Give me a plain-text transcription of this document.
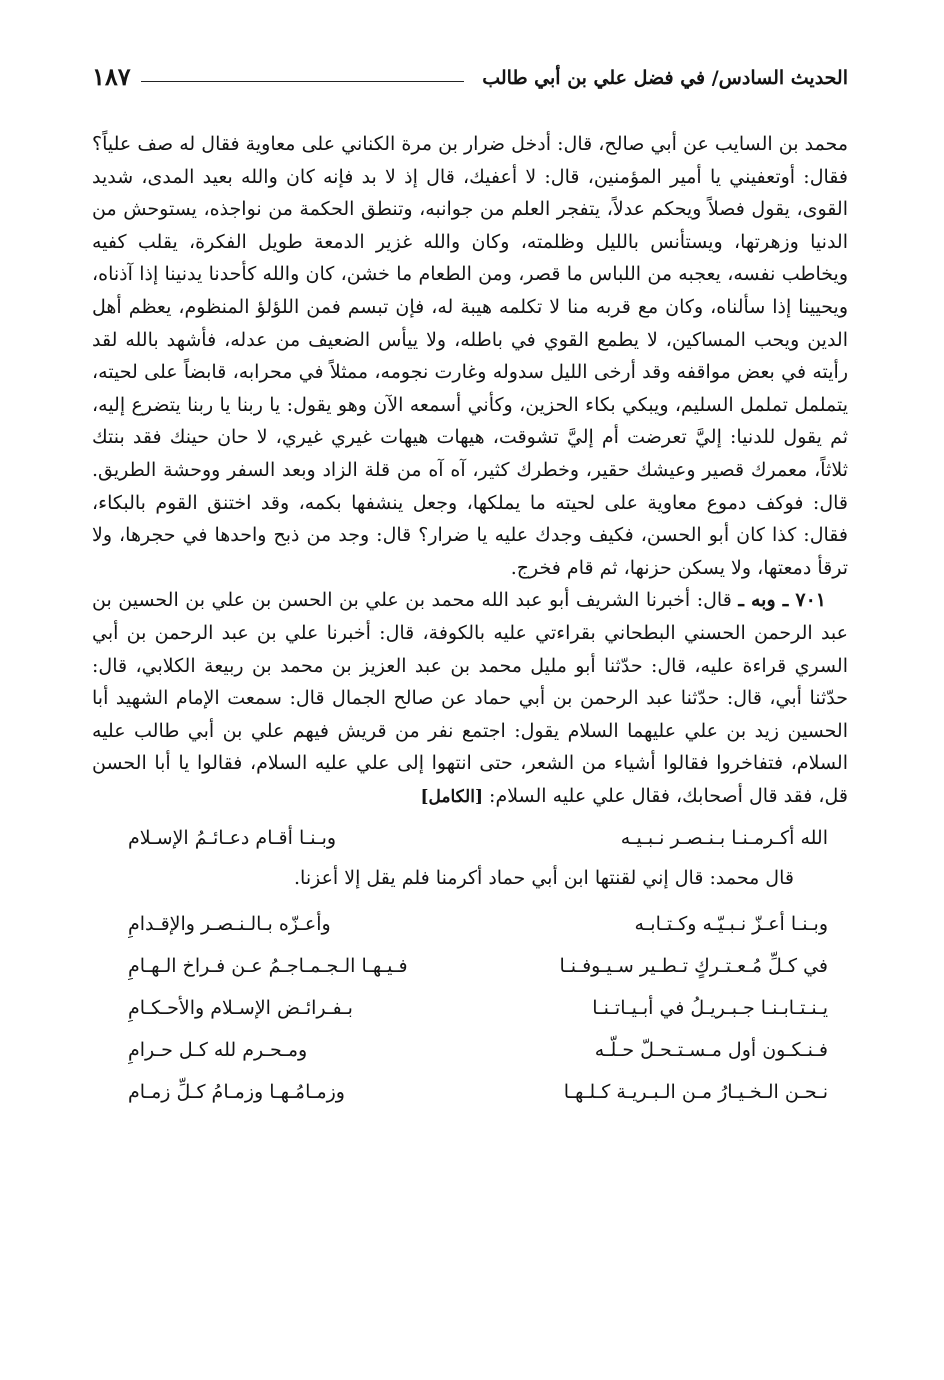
الحديث السادس/ في فضل علي بن أبي طالب
١٨٧

محمد بن السايب عن أبي صالح، قال: أدخل ضرار بن مرة الكناني على معاوية فقال له صف علياً؟ فقال: أوتعفيني يا أمير المؤمنين، قال: لا أعفيك، قال إذ لا بد فإنه كان والله بعيد المدى، شديد القوى، يقول فصلاً ويحكم عدلاً، يتفجر العلم من جوانبه، وتنطق الحكمة من نواجذه، يستوحش من الدنيا وزهرتها، ويستأنس بالليل وظلمته، وكان والله غزير الدمعة طويل الفكرة، يقلب كفيه ويخاطب نفسه، يعجبه من اللباس ما قصر، ومن الطعام ما خشن، كان والله كأحدنا يدنينا إذا آذناه، ويحيينا إذا سألناه، وكان مع قربه منا لا تكلمه هيبة له، فإن تبسم فمن اللؤلؤ المنظوم، يعظم أهل الدين ويحب المساكين، لا يطمع القوي في باطله، ولا ييأس الضعيف من عدله، فأشهد بالله لقد رأيته في بعض مواقفه وقد أرخى الليل سدوله وغارت نجومه، ممثلاً في محرابه، قابضاً على لحيته، يتململ تململ السليم، ويبكي بكاء الحزين، وكأني أسمعه الآن وهو يقول: يا ربنا يا ربنا يتضرع إليه، ثم يقول للدنيا: إليَّ تعرضت أم إليَّ تشوقت، هيهات هيهات غيري غيري، لا حان حينك فقد بنتك ثلاثاً، معمرك قصير وعيشك حقير، وخطرك كثير، آه آه من قلة الزاد وبعد السفر ووحشة الطريق. قال: فوكف دموع معاوية على لحيته ما يملكها، وجعل ينشفها بكمه، وقد اختنق القوم بالبكاء، فقال: كذا كان أبو الحسن، فكيف وجدك عليه يا ضرار؟ قال: وجد من ذبح واحدها في حجرها، ولا ترقأ دمعتها، ولا يسكن حزنها، ثم قام فخرج.

٧٠١ ـ وبه ـ قال: أخبرنا الشريف أبو عبد الله محمد بن علي بن الحسن بن علي بن الحسين بن عبد الرحمن الحسني البطحاني بقراءتي عليه بالكوفة، قال: أخبرنا علي بن عبد الرحمن بن أبي السري قراءة عليه، قال: حدّثنا أبو مليل محمد بن عبد العزيز بن محمد بن ربيعة الكلابي، قال: حدّثنا أبي، قال: حدّثنا عبد الرحمن بن أبي حماد عن صالح الجمال قال: سمعت الإمام الشهيد أبا الحسين زيد بن علي عليهما السلام يقول: اجتمع نفر من قريش فيهم علي بن أبي طالب عليه السلام، فتفاخروا فقالوا أشياء من الشعر، حتى انتهوا إلى علي عليه السلام، فقالوا يا أبا الحسن قل، فقد قال أصحابك، فقال علي عليه السلام: [الكامل]

الله أكـرمـنـا بـنـصـر نـبـيـه
وبـنـا أقـام دعـائـمُ الإسـلام

قال محمد: قال إني لقنتها ابن أبي حماد أكرمنا فلم يقل إلا أعزنا.

وبـنـا أعـزّ نـبـيّـه وكـتـابـه
وأعـزّه بـالـنـصـر والإقـدامِ
في كـلِّ مُـعـتـركٍ تـطـير سـيـوفـنـا
فـيـهـا الـجـمـاجـمُ عـن فـراخ الـهـامِ
يـنـتـابـنـا جـبـريـلُ في أبـيـاتـنـا
بـفـرائـض الإسـلام والأحـكـامِ
فـنـكـون أول مـسـتـحـلّ حـلّـه
ومـحـرم لله كـل حـرامِ
نـحـن الـخـيـارُ مـن الـبـريـة كـلـهـا
وزمـامُـهـا وزمـامُ كـلِّ زمـام
